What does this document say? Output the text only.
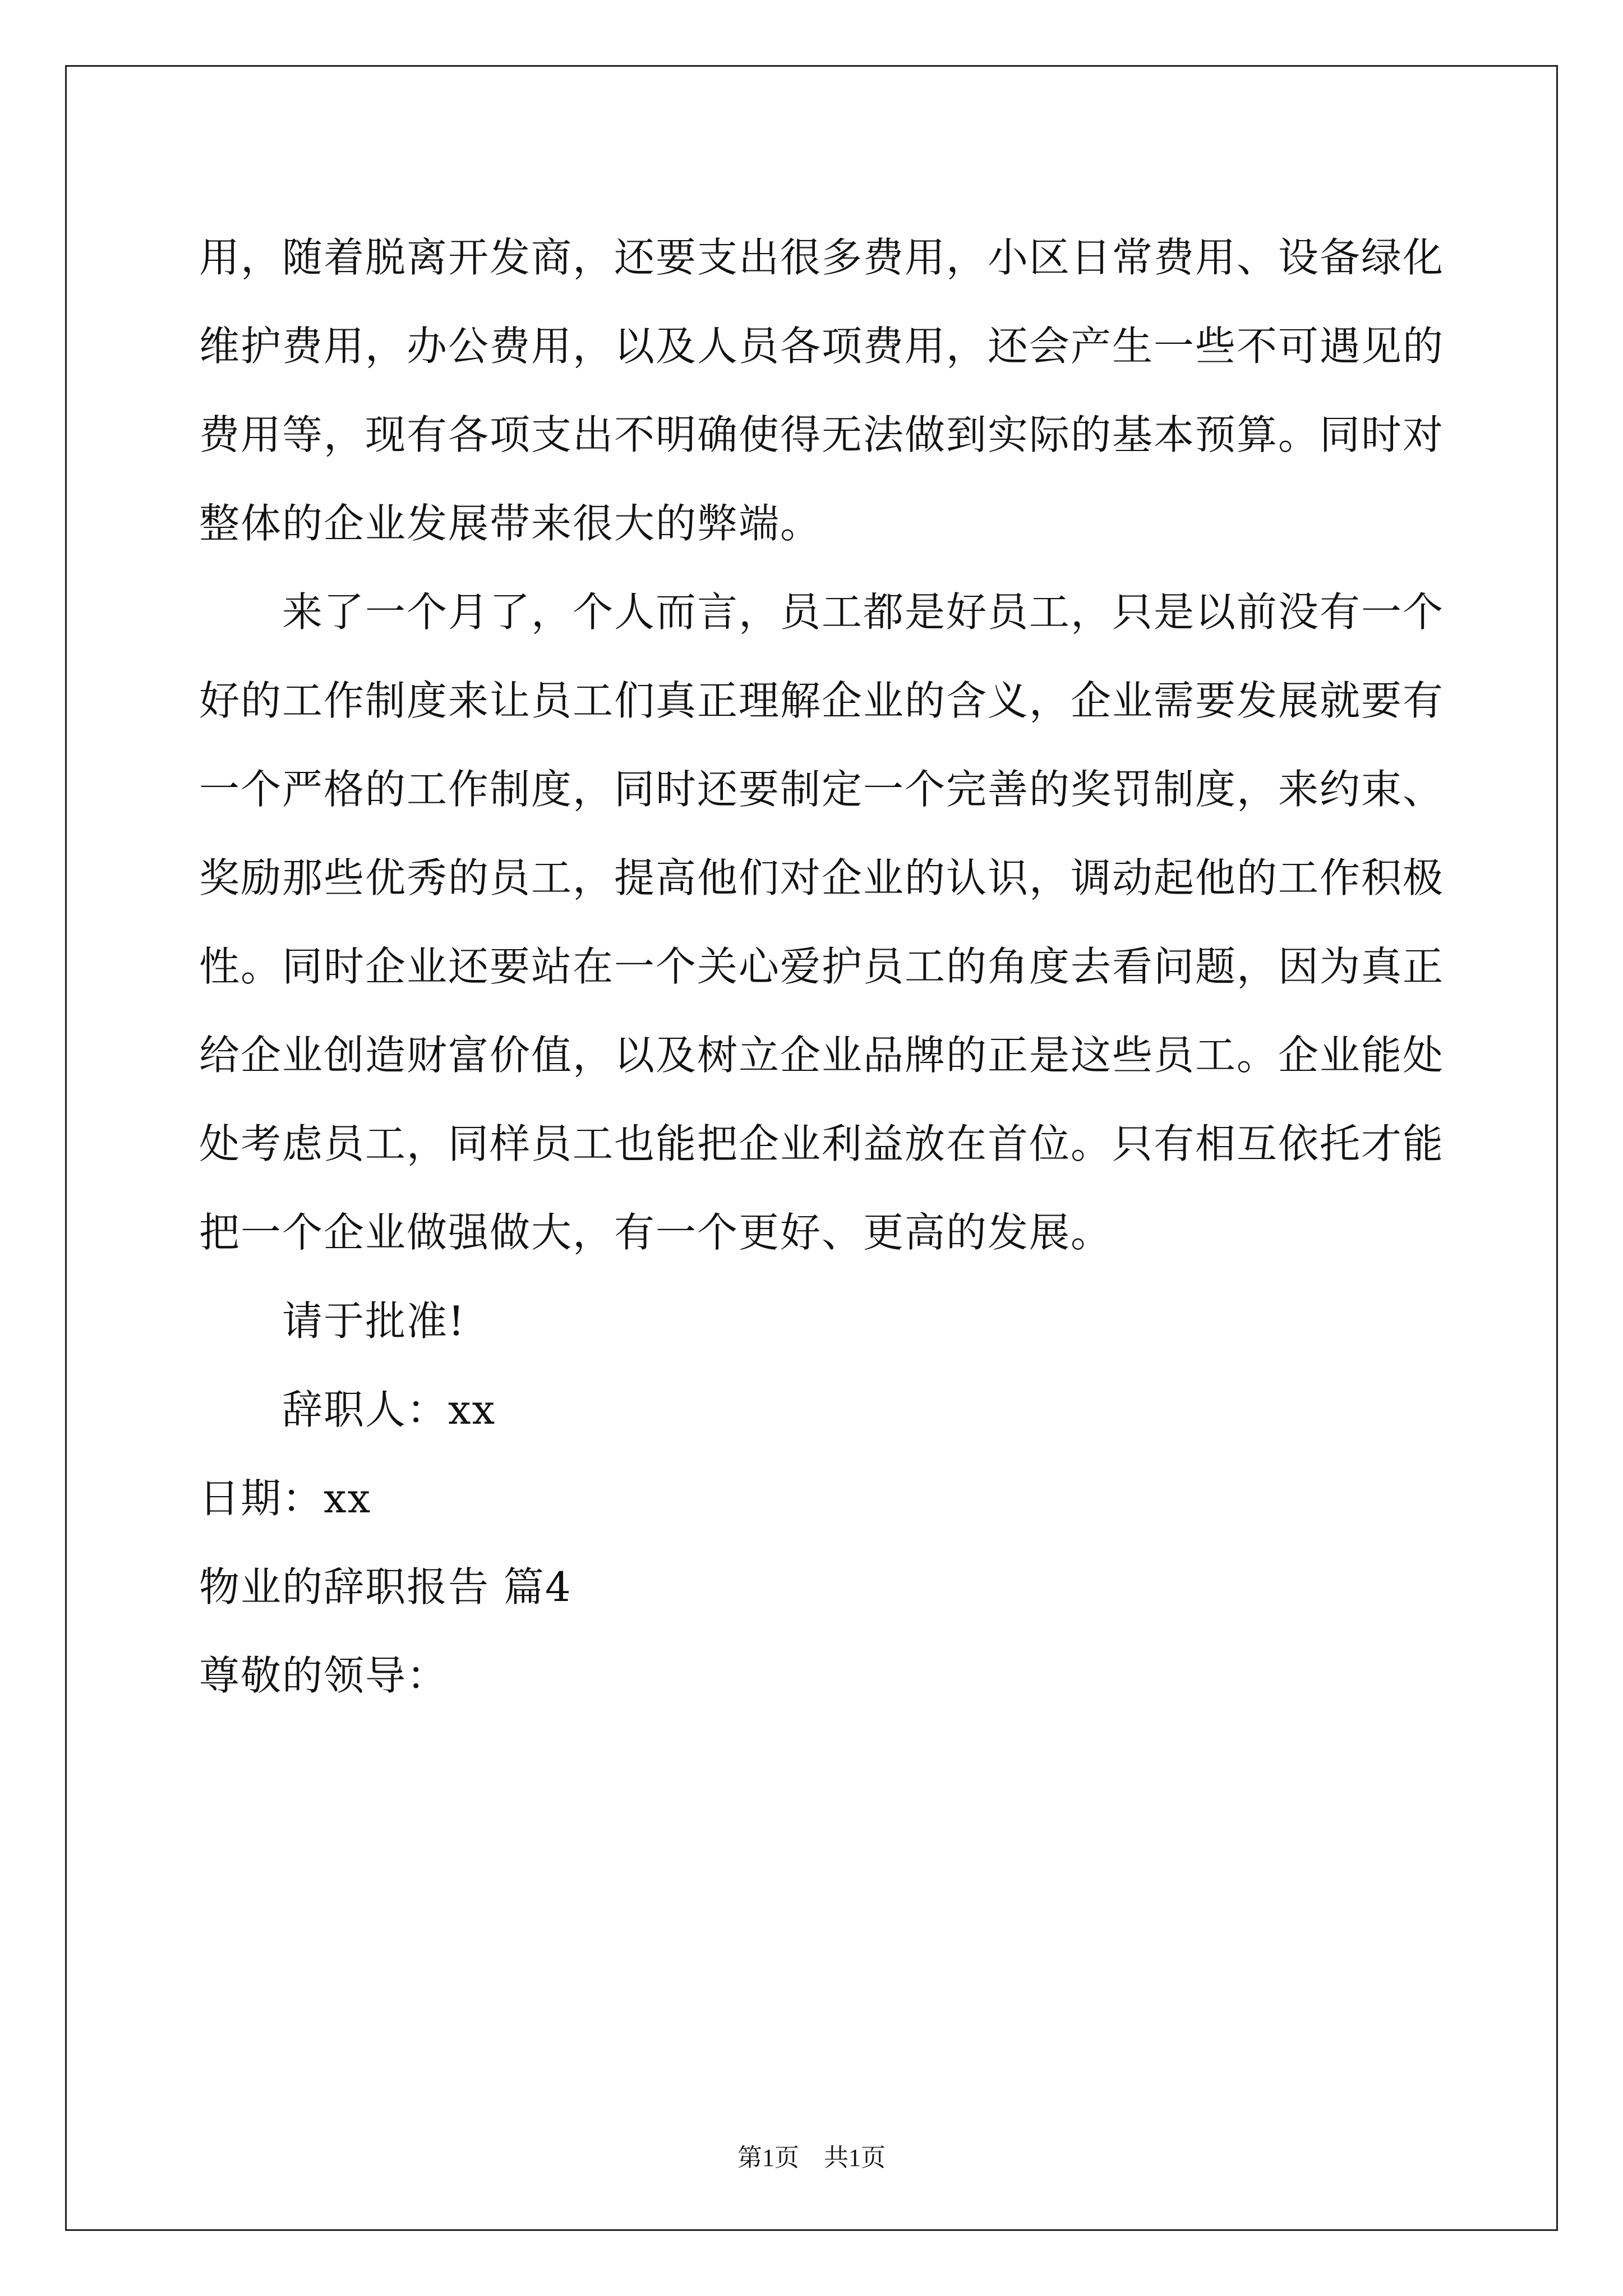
用，随着脱离开发商，还要支出很多费用，小区日常费用、设备绿化
维护费用，办公费用，以及人员各项费用，还会产生一些不可遇见的
费用等，现有各项支出不明确使得无法做到实际的基本预算。同时对
整体的企业发展带来很大的弊端。
来了一个月了，个人而言，员工都是好员工，只是以前没有一个
好的工作制度来让员工们真正理解企业的含义，企业需要发展就要有
一个严格的工作制度，同时还要制定一个完善的奖罚制度，来约束、
奖励那些优秀的员工，提高他们对企业的认识，调动起他的工作积极
性。同时企业还要站在一个关心爱护员工的角度去看问题，因为真正
给企业创造财富价值，以及树立企业品牌的正是这些员工。企业能处
处考虑员工，同样员工也能把企业利益放在首位。只有相互依托才能
把一个企业做强做大，有一个更好、更高的发展。
请于批准!
辞职人：xx
日期：xx
物业的辞职报告 篇4
尊敬的领导：
第1页　共1页
